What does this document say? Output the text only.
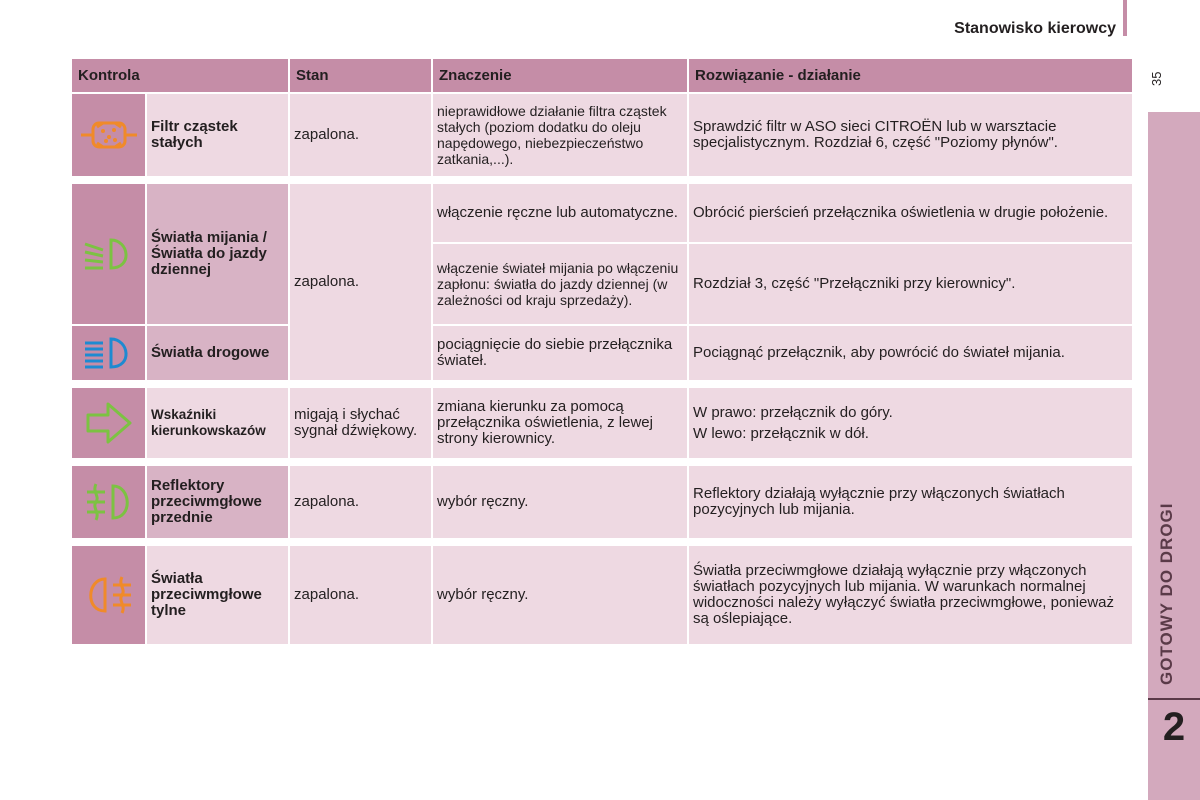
Stanowisko kierowcy
35
GOTOWY DO DROGI
2
Kontrola		Stan	Znaczenie	Rozwiązanie - działanie

	Filtr cząstek stałych	zapalona.	nieprawidłowe działanie filtra cząstek stałych (poziom dodatku do oleju napędowego, niebezpieczeństwo zatkania,...).	Sprawdzić filtr w ASO sieci CITROËN lub w warsztacie specjalistycznym. Rozdział 6, część "Poziomy płynów".

	Światła mijania / Światła do jazdy dziennej	zapalona.	włączenie ręczne lub automatyczne.	Obrócić pierścień przełącznika oświetlenia w drugie położenie.
			włączenie świateł mijania po włączeniu zapłonu: światła do jazdy dziennej (w zależności od kraju sprzedaży).	Rozdział 3, część "Przełączniki przy kierownicy".

	Światła drogowe		pociągnięcie do siebie przełącznika świateł.	Pociągnąć przełącznik, aby powrócić do świateł mijania.

	Wskaźniki kierunkowskazów	migają i słychać sygnał dźwiękowy.	zmiana kierunku za pomocą przełącznika oświetlenia, z lewej strony kierownicy.	W prawo: przełącznik do góry.
W lewo: przełącznik w dół.

	Reflektory przeciwmgłowe przednie	zapalona.	wybór ręczny.	Reflektory działają wyłącznie przy włączonych światłach pozycyjnych lub mijania.

	Światła przeciwmgłowe tylne	zapalona.	wybór ręczny.	Światła przeciwmgłowe działają wyłącznie przy włączonych światłach pozycyjnych lub mijania. W warunkach normalnej widoczności należy wyłączyć światła przeciwmgłowe, ponieważ są oślepiające.
